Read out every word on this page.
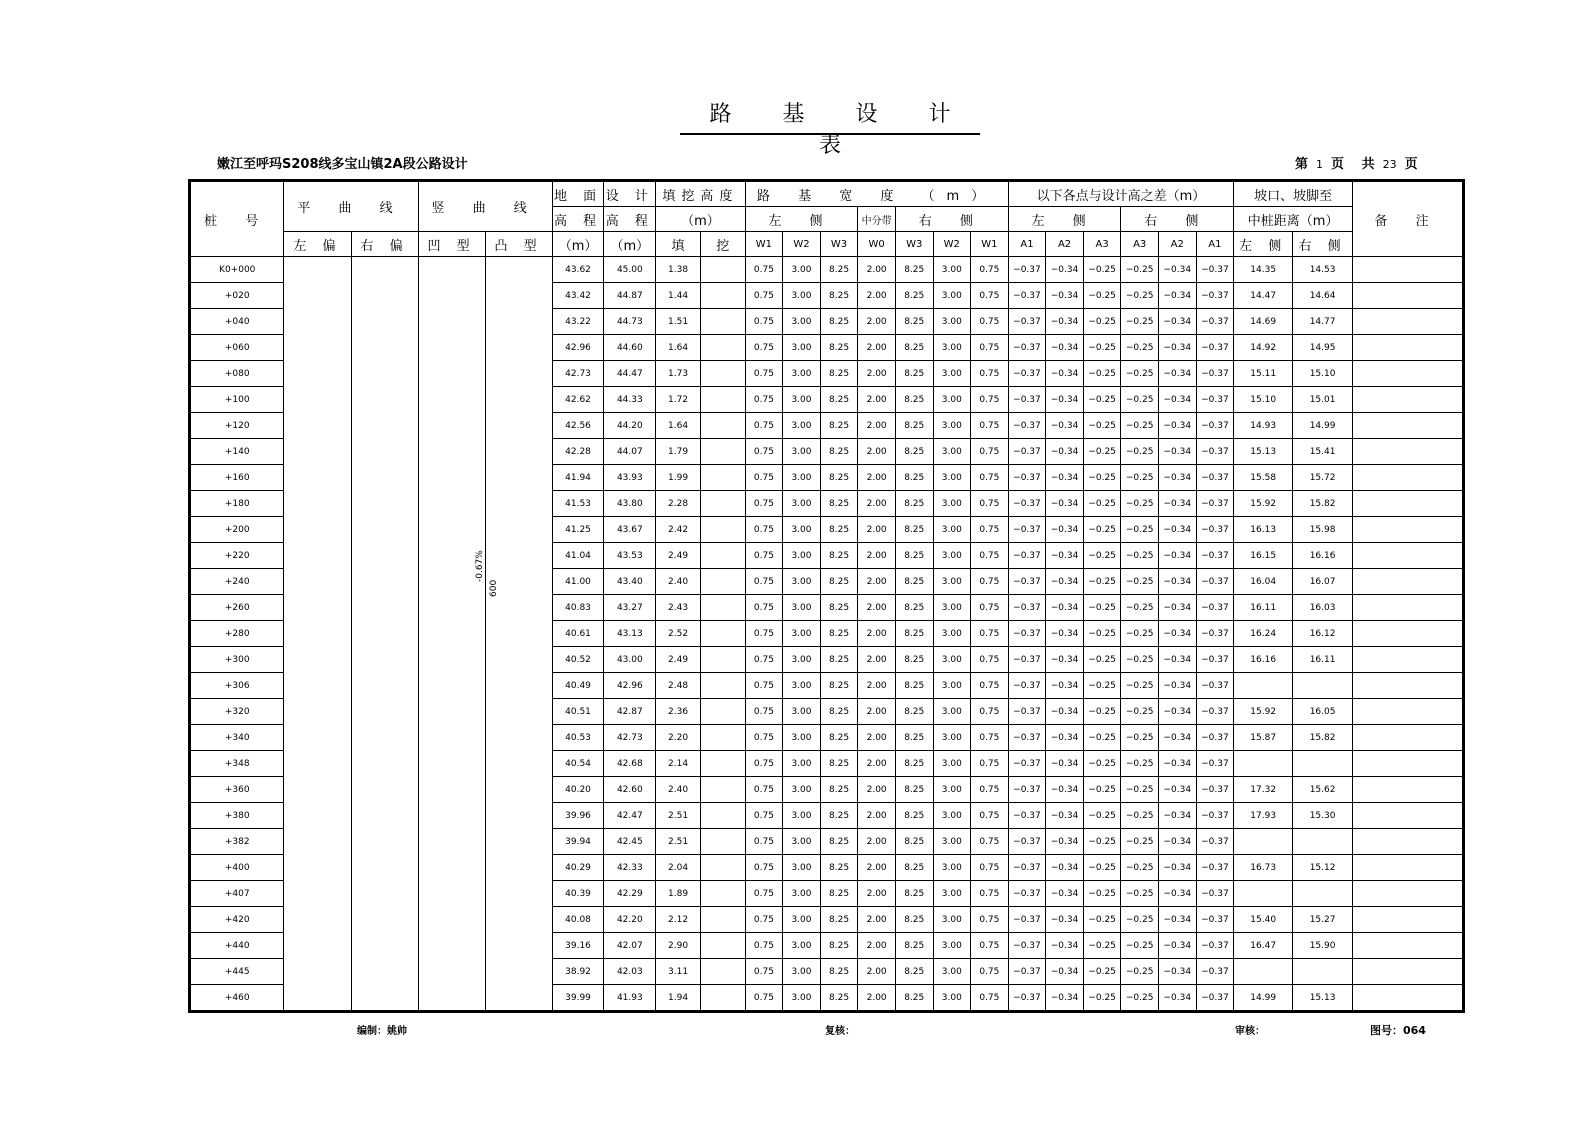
路 基 设 计 表
嫩江至呼玛S208线多宝山镇2A段公路设计	第 1 页 共 23 页
桩 号	平 曲 线		竖 曲 线		地 面	设 计	填挖高度		路 基 宽 度 （m）							以下各点与设计高之差（m）						坡口、坡脚至		备 注
					高 程	高 程	（m）		左 侧			中分带	右 侧			左 侧			右 侧			中桩距离（m）		
	左 偏	右 偏	凹 型	凸 型	（m）	（m）	填	挖	W1	W2	W3	W0	W3	W2	W1	A1	A2	A3	A3	A2	A1	左 侧	右 侧	
K0+000					43.62	45.00	1.38		0.75	3.00	8.25	2.00	8.25	3.00	0.75	−0.37	−0.34	−0.25	−0.25	−0.34	−0.37	14.35	14.53	
+020					43.42	44.87	1.44		0.75	3.00	8.25	2.00	8.25	3.00	0.75	−0.37	−0.34	−0.25	−0.25	−0.34	−0.37	14.47	14.64	
+040					43.22	44.73	1.51		0.75	3.00	8.25	2.00	8.25	3.00	0.75	−0.37	−0.34	−0.25	−0.25	−0.34	−0.37	14.69	14.77	
+060					42.96	44.60	1.64		0.75	3.00	8.25	2.00	8.25	3.00	0.75	−0.37	−0.34	−0.25	−0.25	−0.34	−0.37	14.92	14.95	
+080					42.73	44.47	1.73		0.75	3.00	8.25	2.00	8.25	3.00	0.75	−0.37	−0.34	−0.25	−0.25	−0.34	−0.37	15.11	15.10	
+100					42.62	44.33	1.72		0.75	3.00	8.25	2.00	8.25	3.00	0.75	−0.37	−0.34	−0.25	−0.25	−0.34	−0.37	15.10	15.01	
+120					42.56	44.20	1.64		0.75	3.00	8.25	2.00	8.25	3.00	0.75	−0.37	−0.34	−0.25	−0.25	−0.34	−0.37	14.93	14.99	
+140					42.28	44.07	1.79		0.75	3.00	8.25	2.00	8.25	3.00	0.75	−0.37	−0.34	−0.25	−0.25	−0.34	−0.37	15.13	15.41	
+160					41.94	43.93	1.99		0.75	3.00	8.25	2.00	8.25	3.00	0.75	−0.37	−0.34	−0.25	−0.25	−0.34	−0.37	15.58	15.72	
+180					41.53	43.80	2.28		0.75	3.00	8.25	2.00	8.25	3.00	0.75	−0.37	−0.34	−0.25	−0.25	−0.34	−0.37	15.92	15.82	
+200					41.25	43.67	2.42		0.75	3.00	8.25	2.00	8.25	3.00	0.75	−0.37	−0.34	−0.25	−0.25	−0.34	−0.37	16.13	15.98	
+220					41.04	43.53	2.49		0.75	3.00	8.25	2.00	8.25	3.00	0.75	−0.37	−0.34	−0.25	−0.25	−0.34	−0.37	16.15	16.16	
+240					41.00	43.40	2.40		0.75	3.00	8.25	2.00	8.25	3.00	0.75	−0.37	−0.34	−0.25	−0.25	−0.34	−0.37	16.04	16.07	
+260					40.83	43.27	2.43		0.75	3.00	8.25	2.00	8.25	3.00	0.75	−0.37	−0.34	−0.25	−0.25	−0.34	−0.37	16.11	16.03	
+280					40.61	43.13	2.52		0.75	3.00	8.25	2.00	8.25	3.00	0.75	−0.37	−0.34	−0.25	−0.25	−0.34	−0.37	16.24	16.12	
+300					40.52	43.00	2.49		0.75	3.00	8.25	2.00	8.25	3.00	0.75	−0.37	−0.34	−0.25	−0.25	−0.34	−0.37	16.16	16.11	
+306					40.49	42.96	2.48		0.75	3.00	8.25	2.00	8.25	3.00	0.75	−0.37	−0.34	−0.25	−0.25	−0.34	−0.37			
+320					40.51	42.87	2.36		0.75	3.00	8.25	2.00	8.25	3.00	0.75	−0.37	−0.34	−0.25	−0.25	−0.34	−0.37	15.92	16.05	
+340					40.53	42.73	2.20		0.75	3.00	8.25	2.00	8.25	3.00	0.75	−0.37	−0.34	−0.25	−0.25	−0.34	−0.37	15.87	15.82	
+348					40.54	42.68	2.14		0.75	3.00	8.25	2.00	8.25	3.00	0.75	−0.37	−0.34	−0.25	−0.25	−0.34	−0.37			
+360					40.20	42.60	2.40		0.75	3.00	8.25	2.00	8.25	3.00	0.75	−0.37	−0.34	−0.25	−0.25	−0.34	−0.37	17.32	15.62	
+380					39.96	42.47	2.51		0.75	3.00	8.25	2.00	8.25	3.00	0.75	−0.37	−0.34	−0.25	−0.25	−0.34	−0.37	17.93	15.30	
+382					39.94	42.45	2.51		0.75	3.00	8.25	2.00	8.25	3.00	0.75	−0.37	−0.34	−0.25	−0.25	−0.34	−0.37			
+400					40.29	42.33	2.04		0.75	3.00	8.25	2.00	8.25	3.00	0.75	−0.37	−0.34	−0.25	−0.25	−0.34	−0.37	16.73	15.12	
+407					40.39	42.29	1.89		0.75	3.00	8.25	2.00	8.25	3.00	0.75	−0.37	−0.34	−0.25	−0.25	−0.34	−0.37			
+420					40.08	42.20	2.12		0.75	3.00	8.25	2.00	8.25	3.00	0.75	−0.37	−0.34	−0.25	−0.25	−0.34	−0.37	15.40	15.27	
+440					39.16	42.07	2.90		0.75	3.00	8.25	2.00	8.25	3.00	0.75	−0.37	−0.34	−0.25	−0.25	−0.34	−0.37	16.47	15.90	
+445					38.92	42.03	3.11		0.75	3.00	8.25	2.00	8.25	3.00	0.75	−0.37	−0.34	−0.25	−0.25	−0.34	−0.37			
+460					39.99	41.93	1.94		0.75	3.00	8.25	2.00	8.25	3.00	0.75	−0.37	−0.34	−0.25	−0.25	−0.34	−0.37	14.99	15.13	
-0.67%
600
编制：姚帅	复核：	审核：	图号：064
